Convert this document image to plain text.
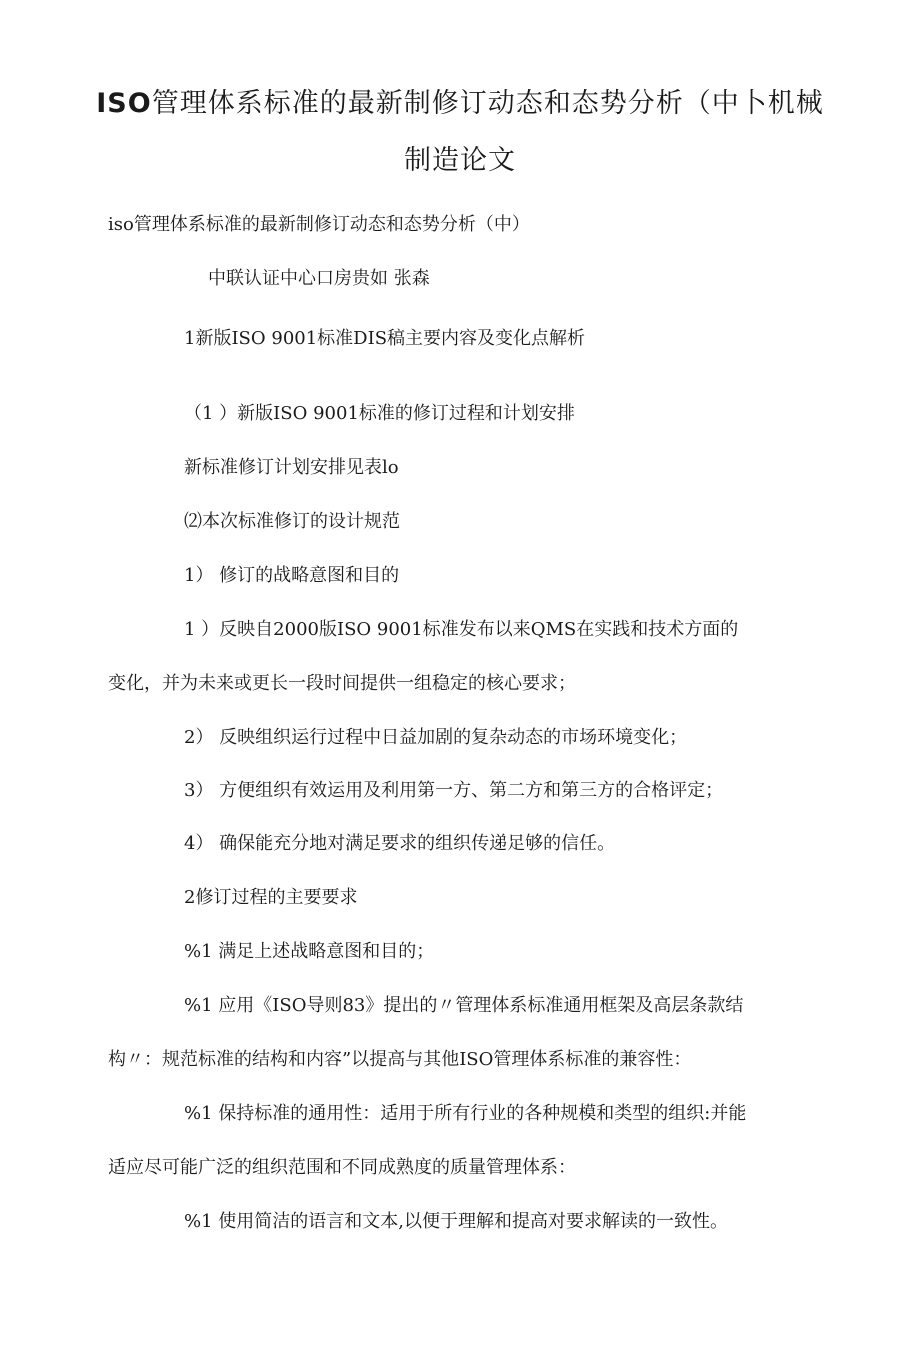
ISO管理体系标准的最新制修订动态和态势分析（中卜机械
制造论文

iso管理体系标准的最新制修订动态和态势分析（中）

中联认证中心口房贵如 张森

1新版ISO 9001标准DIS稿主要内容及变化点解析

（1 ）新版ISO 9001标准的修订过程和计划安排

新标准修订计划安排见表lo

⑵本次标准修订的设计规范

1） 修订的战略意图和目的

1 ）反映自2000版ISO 9001标准发布以来QMS在实践和技术方面的

变化，并为未来或更长一段时间提供一组稳定的核心要求；

2） 反映组织运行过程中日益加剧的复杂动态的市场环境变化；

3） 方便组织有效运用及利用第一方、第二方和第三方的合格评定；

4） 确保能充分地对满足要求的组织传递足够的信任。

2修订过程的主要要求

%1 满足上述战略意图和目的；

%1 应用《ISO导则83》提出的〃管理体系标准通用框架及高层条款结

构〃：规范标准的结构和内容”以提高与其他ISO管理体系标准的兼容性：

%1 保持标准的通用性：适用于所有行业的各种规模和类型的组织:并能

适应尽可能广泛的组织范围和不同成熟度的质量管理体系：

%1 使用简洁的语言和文本,以便于理解和提高对要求解读的一致性。
